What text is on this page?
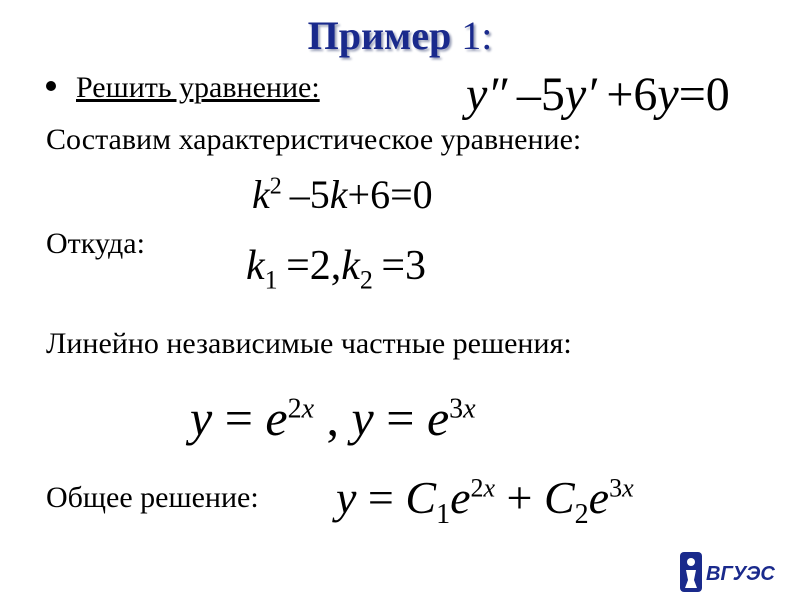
Пример 1:
Решить уравнение:	y″ –5y′ +6y=0
Составим характеристическое уравнение:
$k^2$ –5k+6=0
Откуда: $k_1 =2,k_2 =3$
Линейно независимые частные решения:
$y = e^{2x}$ , $y = e^{3x}$
Общее решение: $y = C_1e^{2x} + C_2e^{3x}$
ВГУЭС
